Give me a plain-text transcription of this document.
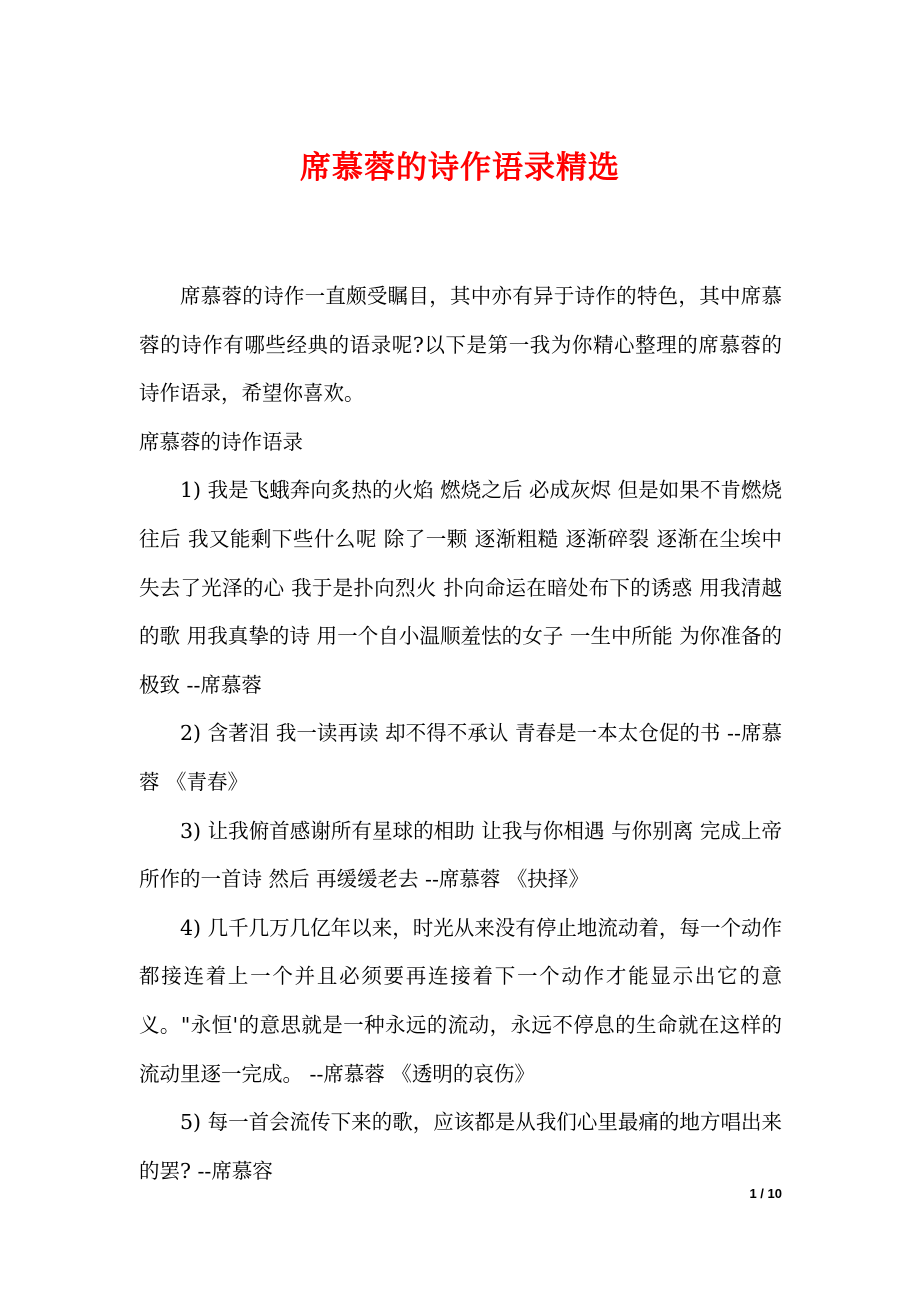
席慕蓉的诗作语录精选

席慕蓉的诗作一直颇受瞩目，其中亦有异于诗作的特色，其中席慕蓉的诗作有哪些经典的语录呢?以下是第一我为你精心整理的席慕蓉的诗作语录，希望你喜欢。

席慕蓉的诗作语录

1) 我是飞蛾奔向炙热的火焰 燃烧之后 必成灰烬 但是如果不肯燃烧 往后 我又能剩下些什么呢 除了一颗 逐渐粗糙 逐渐碎裂 逐渐在尘埃中失去了光泽的心 我于是扑向烈火 扑向命运在暗处布下的诱惑 用我清越的歌 用我真挚的诗 用一个自小温顺羞怯的女子 一生中所能 为你准备的极致 --席慕蓉

2) 含著泪 我一读再读 却不得不承认 青春是一本太仓促的书 --席慕蓉 《青春》

3) 让我俯首感谢所有星球的相助 让我与你相遇 与你别离 完成上帝所作的一首诗 然后 再缓缓老去 --席慕蓉 《抉择》

4) 几千几万几亿年以来，时光从来没有停止地流动着，每一个动作都接连着上一个并且必须要再连接着下一个动作才能显示出它的意义。"永恒'的意思就是一种永远的流动，永远不停息的生命就在这样的流动里逐一完成。 --席慕蓉 《透明的哀伤》

5) 每一首会流传下来的歌，应该都是从我们心里最痛的地方唱出来的罢? --席慕容

1 / 10
